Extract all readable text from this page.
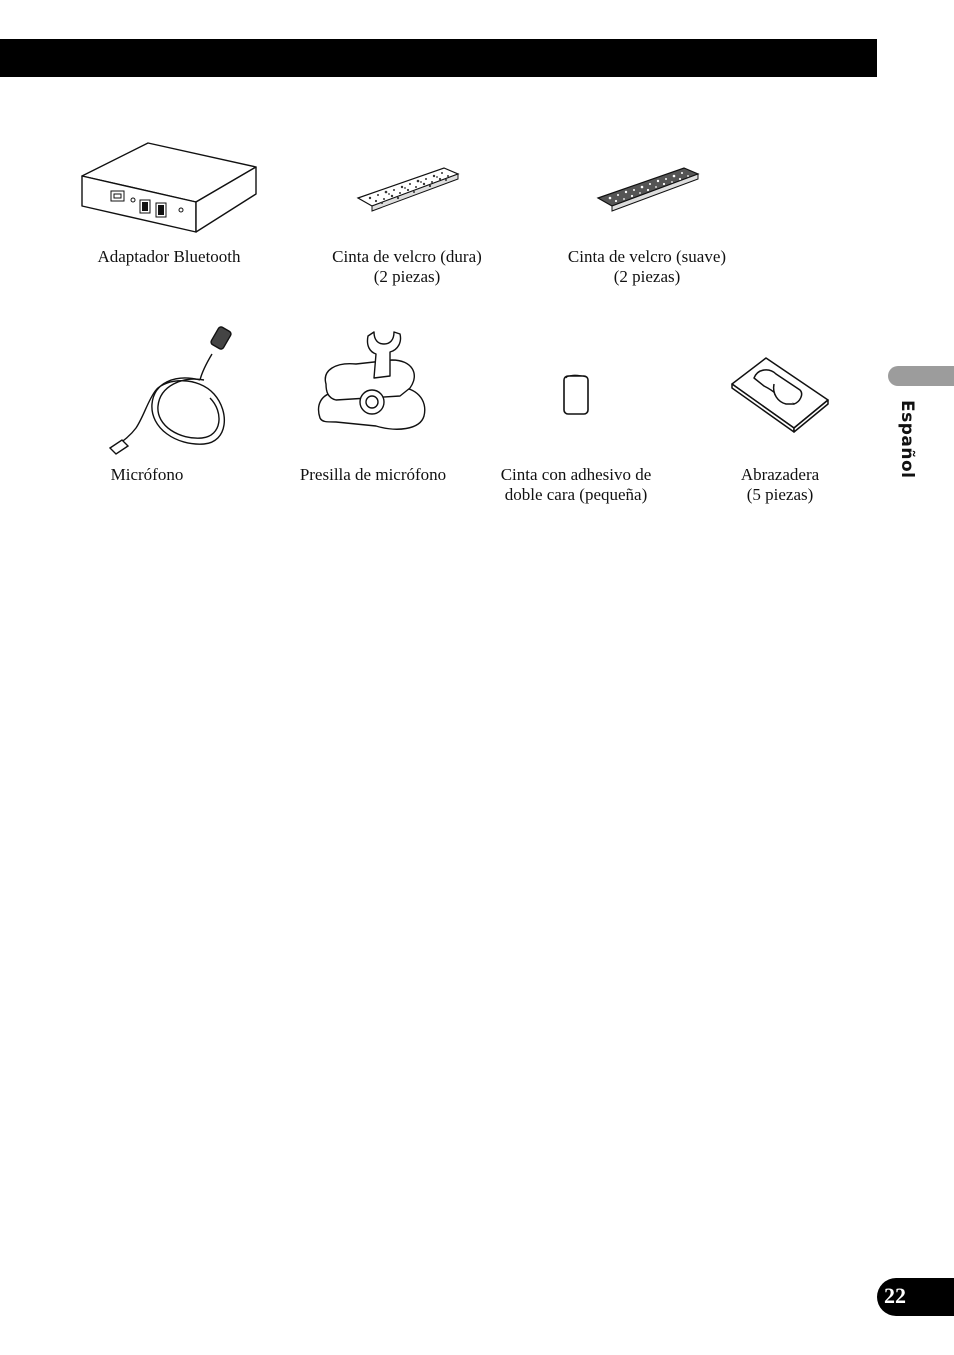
Adaptador Bluetooth	Cinta de velcro (dura)
(2 piezas)
Cinta de velcro (suave)
(2 piezas)
Micrófono	Presilla de micrófono	Cinta con adhesivo de
doble cara (pequeña)
Abrazadera
(5 piezas)
Español
22
